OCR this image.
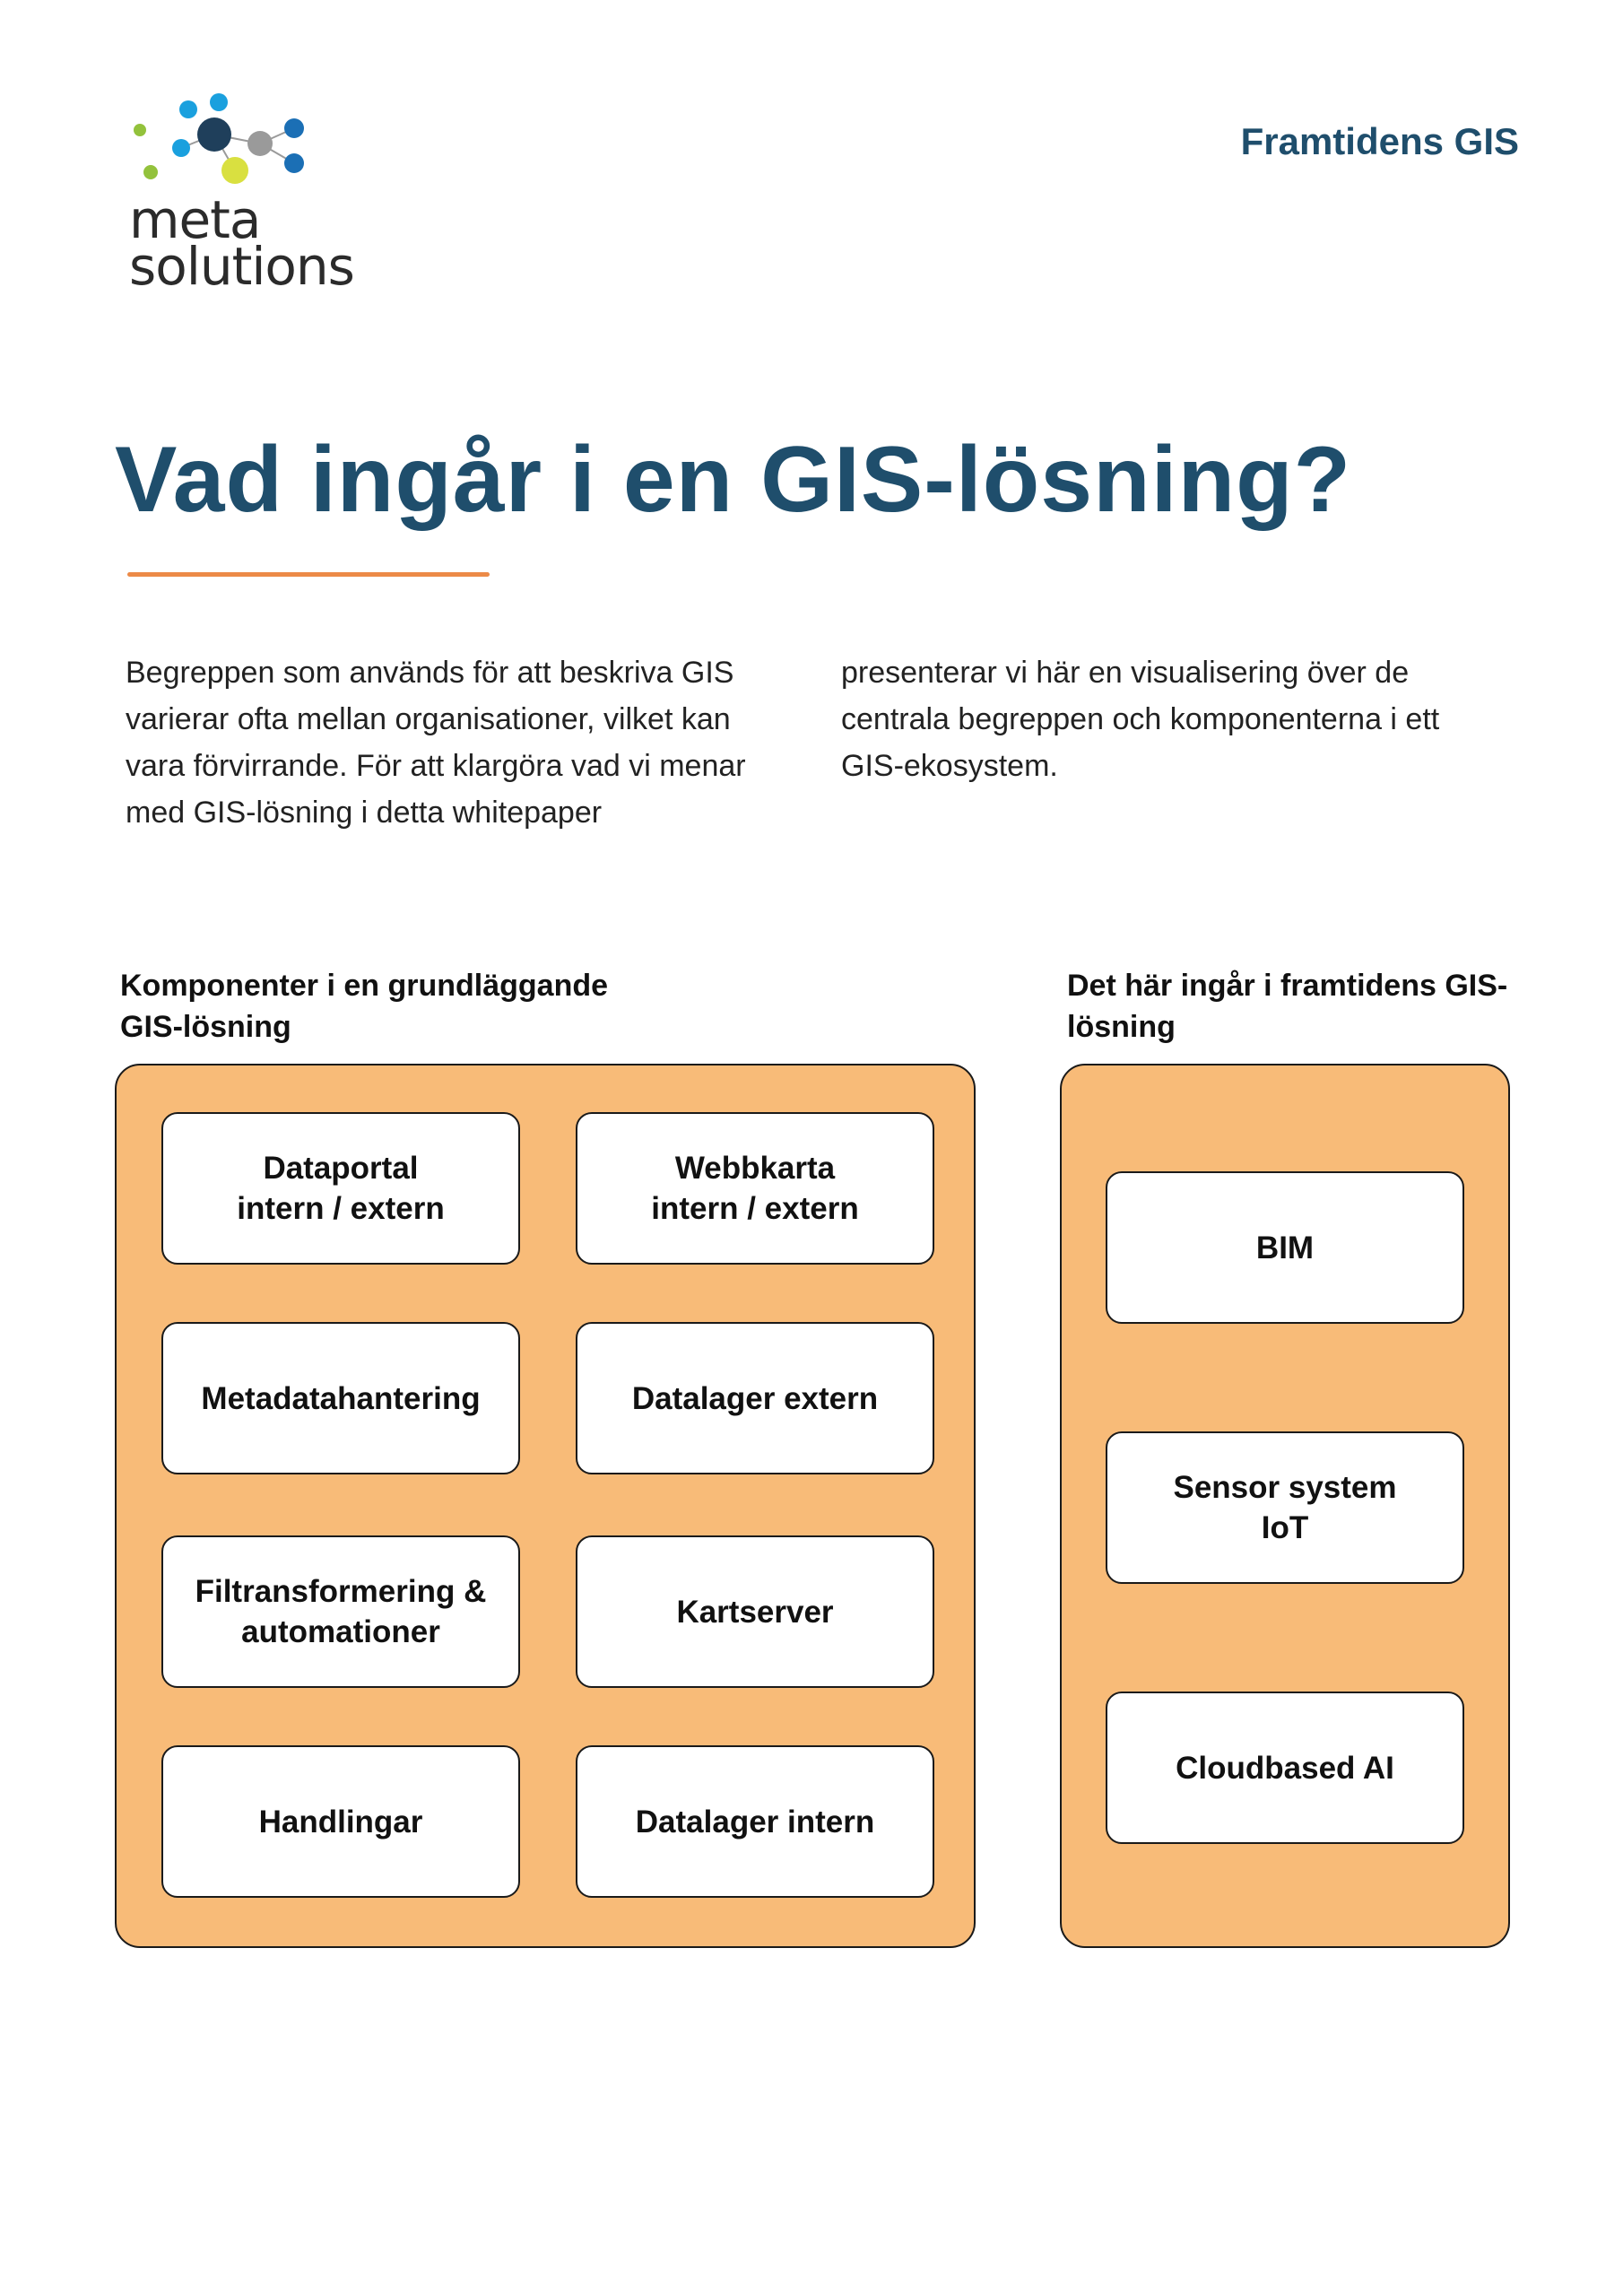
meta
solutions
Framtidens GIS
Vad ingår i en GIS-lösning?
Begreppen som används för att beskriva GIS varierar ofta mellan organisationer, vilket kan vara förvirrande. För att klargöra vad vi menar med GIS-lösning i detta whitepaper
presenterar vi här en visualisering över de centrala begreppen och komponenterna i ett GIS-ekosystem.
Komponenter i en grundläggande GIS-lösning
Det här ingår i framtidens GIS-lösning
Dataportal
intern / extern
Webbkarta
intern / extern
Metadatahantering	Datalager extern
Filtransformering &
automationer
Kartserver
Handlingar	Datalager intern
BIM
Sensor system
IoT
Cloudbased AI
